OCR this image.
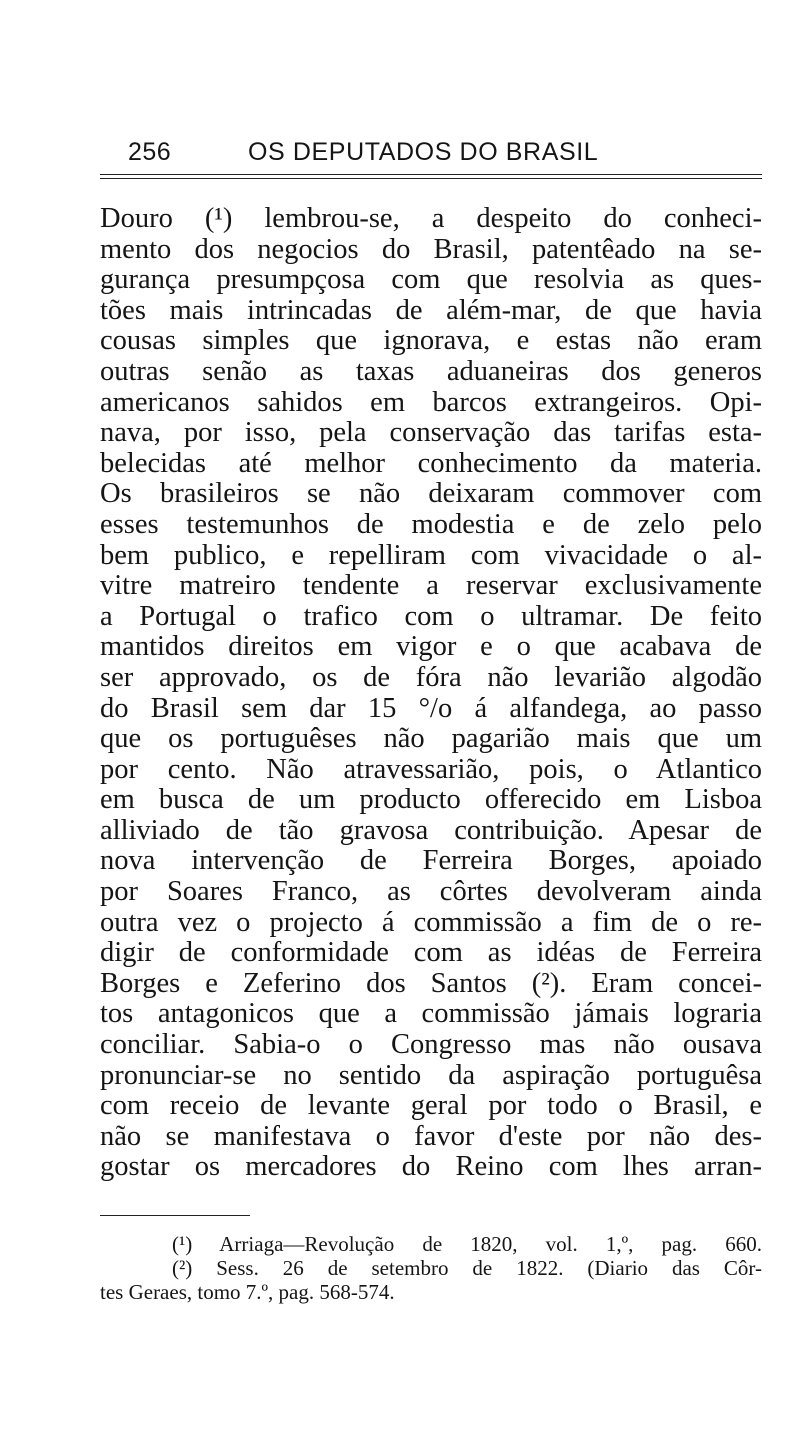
256	OS DEPUTADOS DO BRASIL
Douro (¹) lembrou-se, a despeito do conheci-
mento dos negocios do Brasil, patentêado na se-
gurança presumpçosa com que resolvia as ques-
tões mais intrincadas de além-mar, de que havia
cousas simples que ignorava, e estas não eram
outras senão as taxas aduaneiras dos generos
americanos sahidos em barcos extrangeiros. Opi-
nava, por isso, pela conservação das tarifas esta-
belecidas até melhor conhecimento da materia.
Os brasileiros se não deixaram commover com
esses testemunhos de modestia e de zelo pelo
bem publico, e repelliram com vivacidade o al-
vitre matreiro tendente a reservar exclusivamente
a Portugal o trafico com o ultramar. De feito
mantidos direitos em vigor e o que acabava de
ser approvado, os de fóra não levarião algodão
do Brasil sem dar 15 °/o á alfandega, ao passo
que os portuguêses não pagarião mais que um
por cento. Não atravessarião, pois, o Atlantico
em busca de um producto offerecido em Lisboa
alliviado de tão gravosa contribuição. Apesar de
nova intervenção de Ferreira Borges, apoiado
por Soares Franco, as côrtes devolveram ainda
outra vez o projecto á commissão a fim de o re-
digir de conformidade com as idéas de Ferreira
Borges e Zeferino dos Santos (²). Eram concei-
tos antagonicos que a commissão jámais lograria
conciliar. Sabia-o o Congresso mas não ousava
pronunciar-se no sentido da aspiração portuguêsa
com receio de levante geral por todo o Brasil, e
não se manifestava o favor d'este por não des-
gostar os mercadores do Reino com lhes arran-
(¹) Arriaga—Revolução de 1820, vol. 1,º, pag. 660.
(²) Sess. 26 de setembro de 1822. (Diario das Côr-
tes Geraes, tomo 7.º, pag. 568-574.
